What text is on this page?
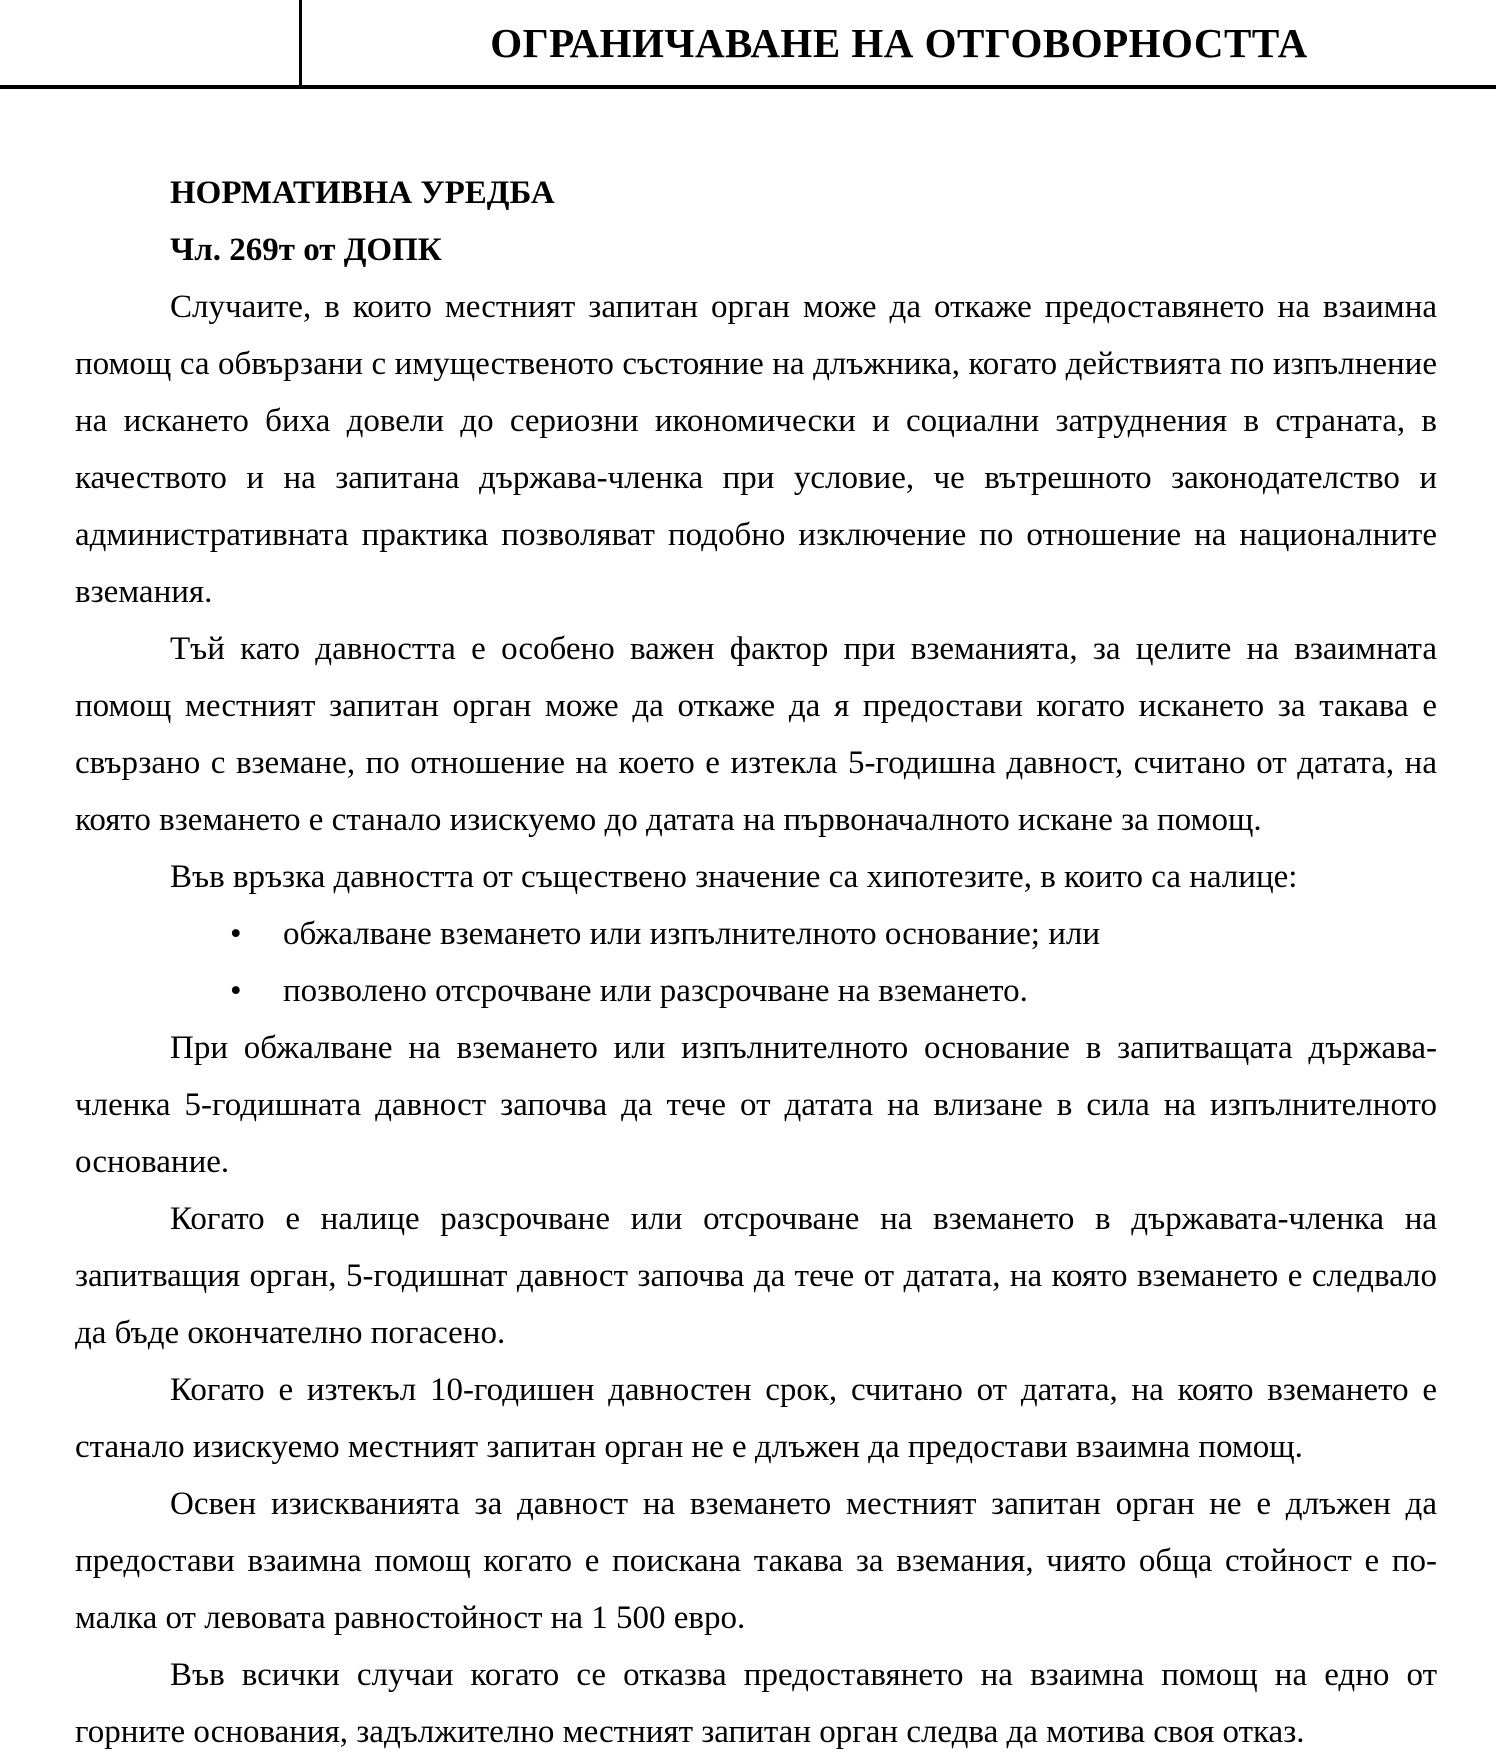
ОГРАНИЧАВАНЕ НА ОТГОВОРНОСТТА

НОРМАТИВНА УРЕДБА

Чл. 269т от ДОПК

Случаите, в които местният запитан орган може да откаже предоставянето на взаимна помощ са обвързани с имущественото състояние на длъжника, когато действията по изпълнение на искането биха довели до сериозни икономически и социални затруднения в страната, в качеството и на запитана държава-членка при условие, че вътрешното законодателство и административната практика позволяват подобно изключение по отношение на националните вземания.

Тъй като давността е особено важен фактор при вземанията, за целите на взаимната помощ местният запитан орган може да откаже да я предостави когато искането за такава е свързано с вземане, по отношение на което е изтекла 5-годишна давност, считано от датата, на която вземането е станало изискуемо до датата на първоначалното искане за помощ.

Във връзка давността от съществено значение са хипотезите, в които са налице:

• обжалване вземането или изпълнителното основание; или
• позволено отсрочване или разсрочване на вземането.

При обжалване на вземането или изпълнителното основание в запитващата държава-членка 5-годишната давност започва да тече от датата на влизане в сила на изпълнителното основание.

Когато е налице разсрочване или отсрочване на вземането в държавата-членка на запитващия орган, 5-годишнат давност започва да тече от датата, на която вземането е следвало да бъде окончателно погасено.

Когато е изтекъл 10-годишен давностен срок, считано от датата, на която вземането е станало изискуемо местният запитан орган не е длъжен да предостави взаимна помощ.

Освен изискванията за давност на вземането местният запитан орган не е длъжен да предостави взаимна помощ когато е поискана такава за вземания, чиято обща стойност е по-малка от левовата равностойност на 1 500 евро.

Във всички случаи когато се отказва предоставянето на взаимна помощ на едно от горните основания, задължително местният запитан орган следва да мотива своя отказ.
